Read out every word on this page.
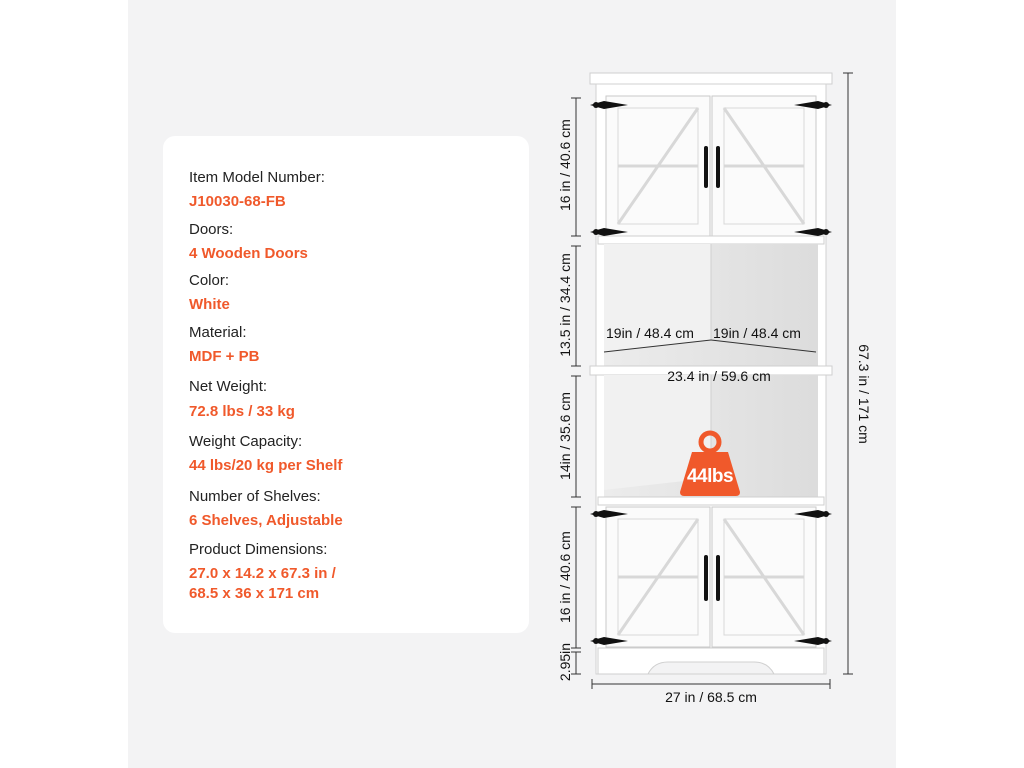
Item Model Number:
J10030-68-FB
Doors:
4 Wooden Doors
Color:
White
Material:
MDF + PB
Net Weight:
72.8 lbs / 33 kg
Weight Capacity:
44 lbs/20 kg per Shelf
Number of Shelves:
6 Shelves, Adjustable
Product Dimensions:
27.0 x 14.2 x 67.3 in /
68.5 x 36 x 171 cm
16 in / 40.6 cm
13.5 in / 34.4 cm
14in / 35.6 cm
16 in / 40.6 cm
2.95in
67.3 in / 171 cm
27 in / 68.5 cm
19in / 48.4 cm 19in / 48.4 cm
23.4 in / 59.6 cm
44lbs
